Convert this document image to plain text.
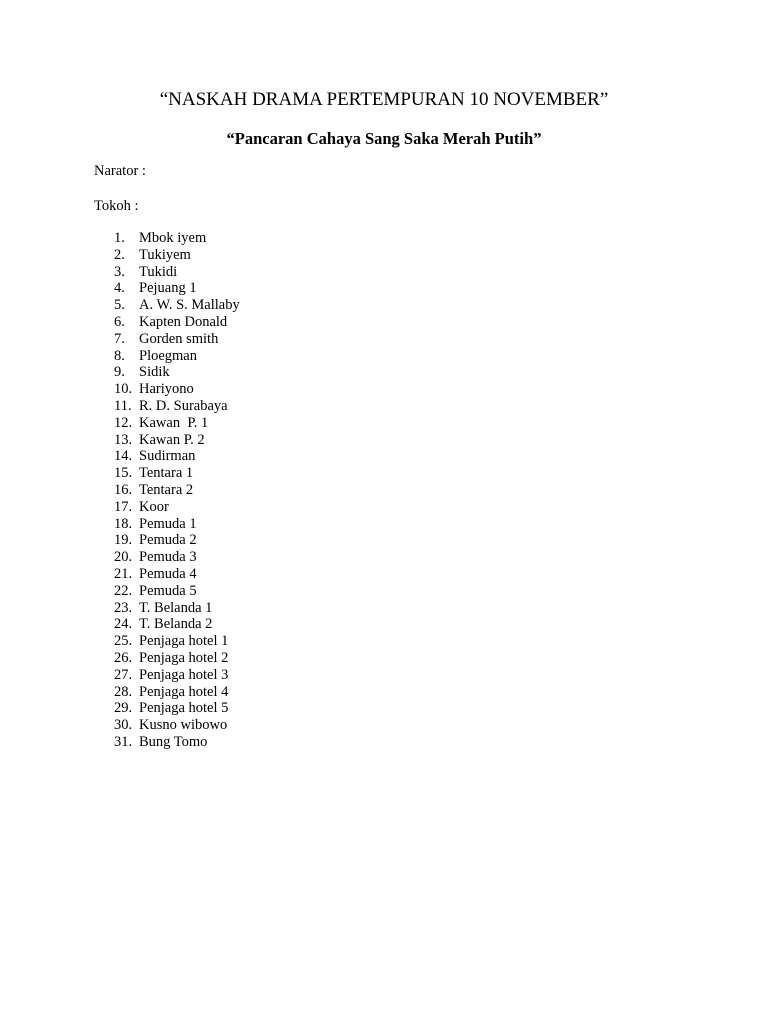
“NASKAH DRAMA PERTEMPURAN 10 NOVEMBER”
“Pancaran Cahaya Sang Saka Merah Putih”

Narator :

Tokoh :

1. Mbok iyem
2. Tukiyem
3. Tukidi
4. Pejuang 1
5. A. W. S. Mallaby
6. Kapten Donald
7. Gorden smith
8. Ploegman
9. Sidik
10. Hariyono
11. R. D. Surabaya
12. Kawan  P. 1
13. Kawan P. 2
14. Sudirman
15. Tentara 1
16. Tentara 2
17. Koor
18. Pemuda 1
19. Pemuda 2
20. Pemuda 3
21. Pemuda 4
22. Pemuda 5
23. T. Belanda 1
24. T. Belanda 2
25. Penjaga hotel 1
26. Penjaga hotel 2
27. Penjaga hotel 3
28. Penjaga hotel 4
29. Penjaga hotel 5
30. Kusno wibowo
31. Bung Tomo
